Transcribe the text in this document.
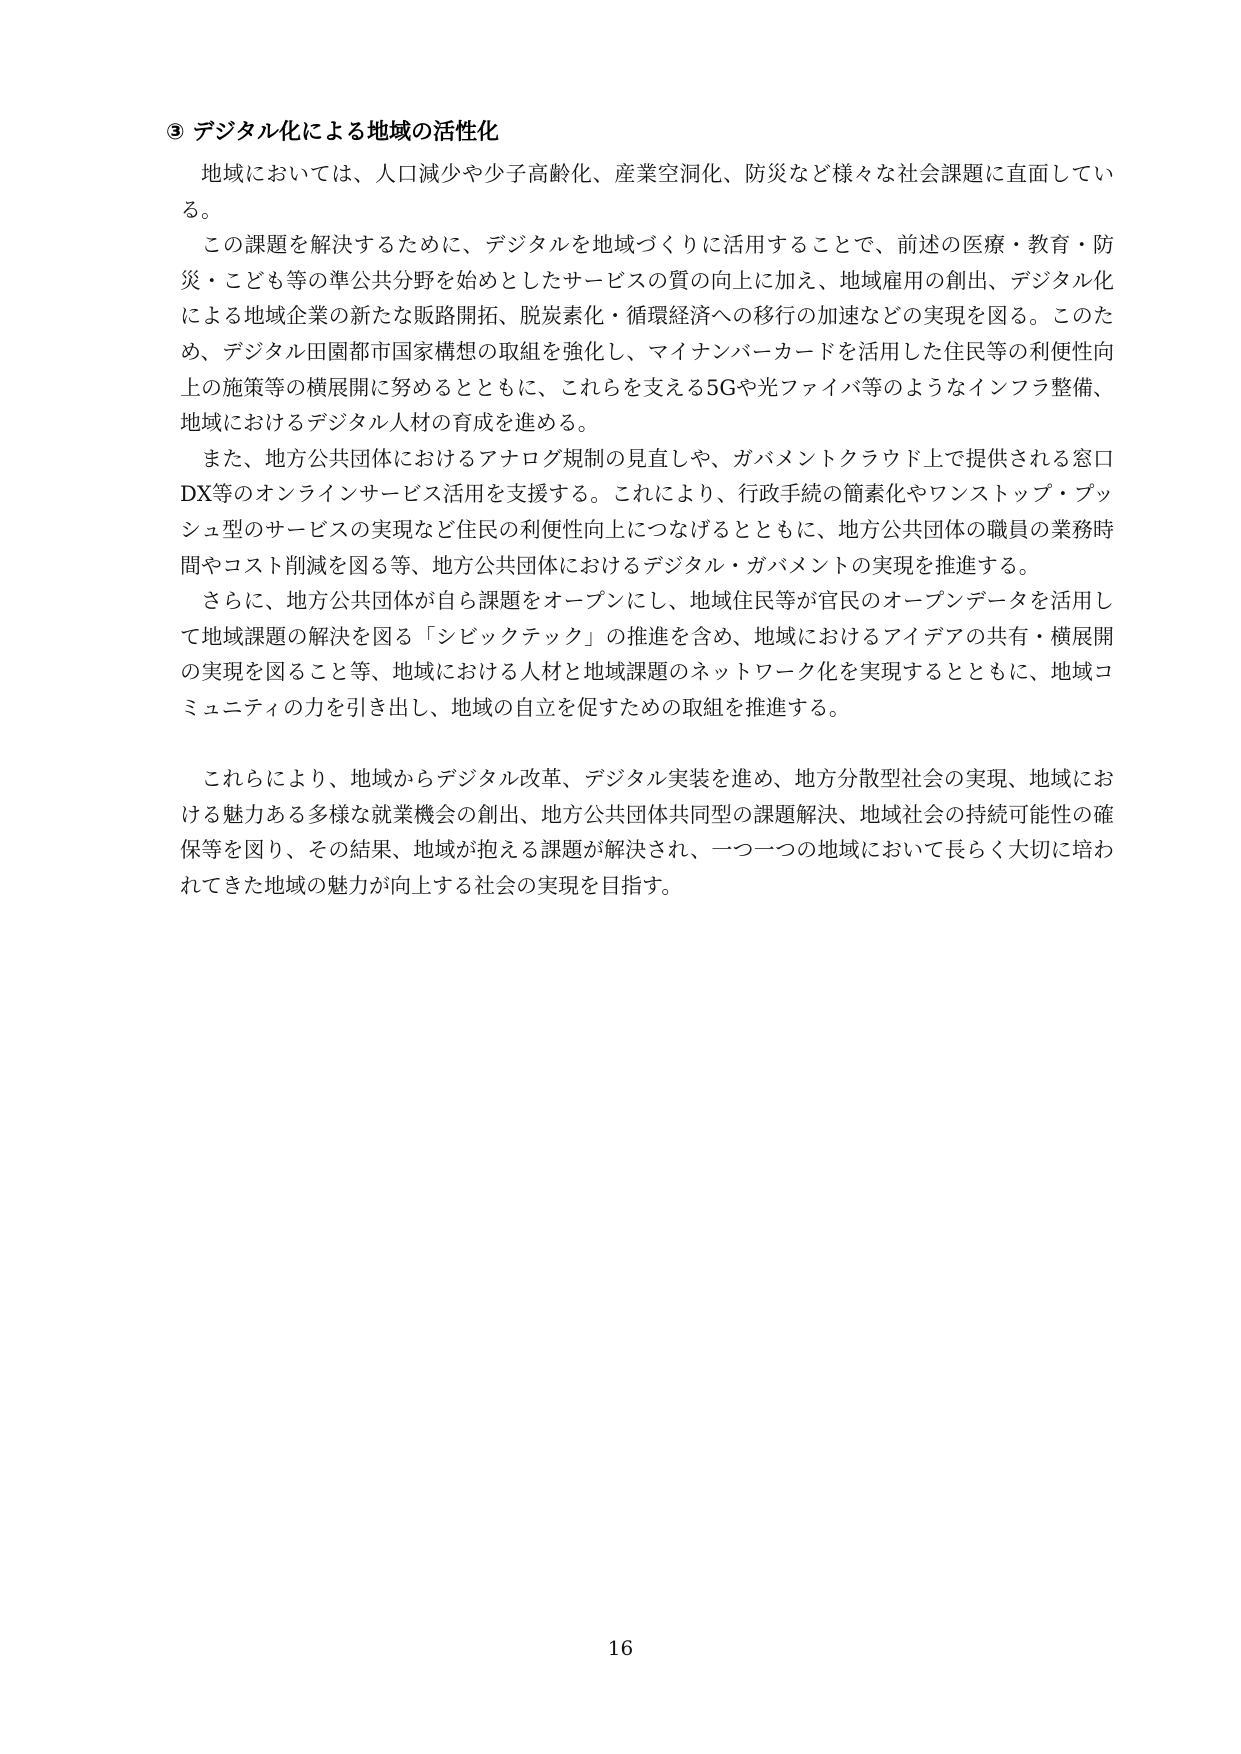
③ デジタル化による地域の活性化

地域においては、人口減少や少子高齢化、産業空洞化、防災など様々な社会課題に直面している。

この課題を解決するために、デジタルを地域づくりに活用することで、前述の医療・教育・防災・こども等の準公共分野を始めとしたサービスの質の向上に加え、地域雇用の創出、デジタル化による地域企業の新たな販路開拓、脱炭素化・循環経済への移行の加速などの実現を図る。このため、デジタル田園都市国家構想の取組を強化し、マイナンバーカードを活用した住民等の利便性向上の施策等の横展開に努めるとともに、これらを支える5Gや光ファイバ等のようなインフラ整備、地域におけるデジタル人材の育成を進める。

また、地方公共団体におけるアナログ規制の見直しや、ガバメントクラウド上で提供される窓口DX等のオンラインサービス活用を支援する。これにより、行政手続の簡素化やワンストップ・プッシュ型のサービスの実現など住民の利便性向上につなげるとともに、地方公共団体の職員の業務時間やコスト削減を図る等、地方公共団体におけるデジタル・ガバメントの実現を推進する。

さらに、地方公共団体が自ら課題をオープンにし、地域住民等が官民のオープンデータを活用して地域課題の解決を図る「シビックテック」の推進を含め、地域におけるアイデアの共有・横展開の実現を図ること等、地域における人材と地域課題のネットワーク化を実現するとともに、地域コミュニティの力を引き出し、地域の自立を促すための取組を推進する。

これらにより、地域からデジタル改革、デジタル実装を進め、地方分散型社会の実現、地域における魅力ある多様な就業機会の創出、地方公共団体共同型の課題解決、地域社会の持続可能性の確保等を図り、その結果、地域が抱える課題が解決され、一つ一つの地域において長らく大切に培われてきた地域の魅力が向上する社会の実現を目指す。

16
